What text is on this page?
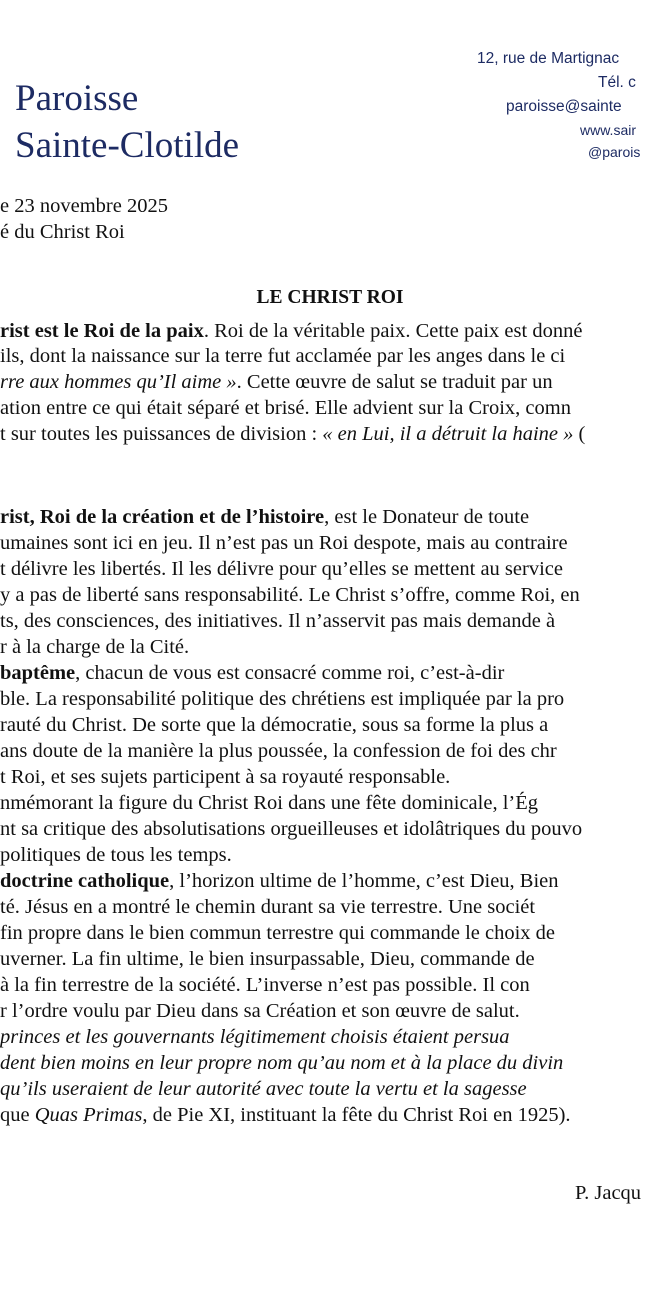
Paroisse
Sainte-Clotilde
12, rue de Martignac
Tél. c
paroisse@sainte
www.sair
@parois
e 23 novembre 2025
é du Christ Roi
LE CHRIST ROI
rist est le Roi de la paix. Roi de la véritable paix. Cette paix est donné
ils, dont la naissance sur la terre fut acclamée par les anges dans le ci
rre aux hommes qu’Il aime ». Cette œuvre de salut se traduit par un
ation entre ce qui était séparé et brisé. Elle advient sur la Croix, comn
t sur toutes les puissances de division : « en Lui, il a détruit la haine » (
rist, Roi de la création et de l’histoire, est le Donateur de toute
umaines sont ici en jeu. Il n’est pas un Roi despote, mais au contraire
t délivre les libertés. Il les délivre pour qu’elles se mettent au service
y a pas de liberté sans responsabilité. Le Christ s’offre, comme Roi, en
ts, des consciences, des initiatives. Il n’asservit pas mais demande à
r à la charge de la Cité.
baptême, chacun de vous est consacré comme roi, c’est-à-dir
ble. La responsabilité politique des chrétiens est impliquée par la pro
rauté du Christ. De sorte que la démocratie, sous sa forme la plus a
ans doute de la manière la plus poussée, la confession de foi des chr
t Roi, et ses sujets participent à sa royauté responsable.
nmémorant la figure du Christ Roi dans une fête dominicale, l’Ég
nt sa critique des absolutisations orgueilleuses et idolâtriques du pouvo
politiques de tous les temps.
doctrine catholique, l’horizon ultime de l’homme, c’est Dieu, Bien
té. Jésus en a montré le chemin durant sa vie terrestre. Une sociét
fin propre dans le bien commun terrestre qui commande le choix de
uverner. La fin ultime, le bien insurpassable, Dieu, commande de
à la fin terrestre de la société. L’inverse n’est pas possible. Il con
r l’ordre voulu par Dieu dans sa Création et son œuvre de salut.
princes et les gouvernants légitimement choisis étaient persua
dent bien moins en leur propre nom qu’au nom et à la place du divin
qu’ils useraient de leur autorité avec toute la vertu et la sagesse
que Quas Primas, de Pie XI, instituant la fête du Christ Roi en 1925).
P. Jacqu
